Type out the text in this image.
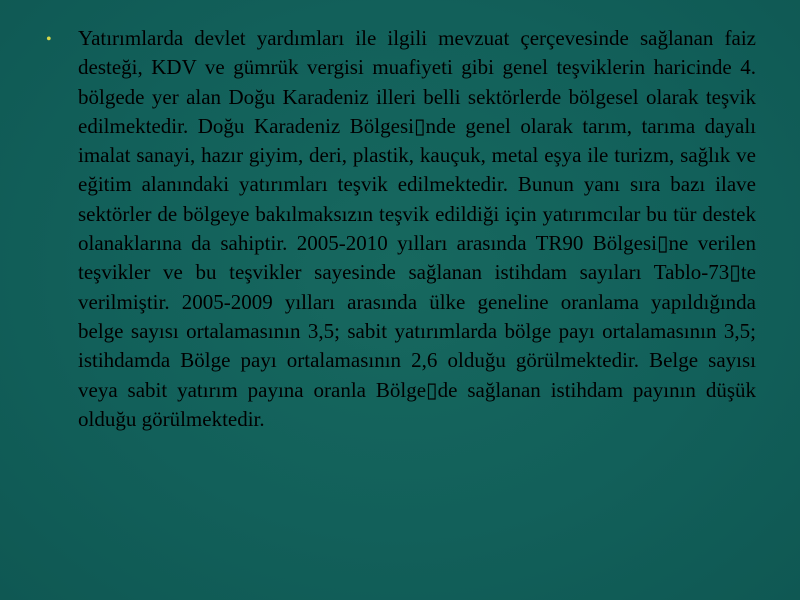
•	Yatırımlarda devlet yardımları ile ilgili mevzuat çerçevesinde sağlanan faiz desteği, KDV ve gümrük vergisi muafiyeti gibi genel teşviklerin haricinde 4. bölgede yer alan Doğu Karadeniz illeri belli sektörlerde bölgesel olarak teşvik edilmektedir. Doğu Karadeniz Bölgesi▯nde genel olarak tarım, tarıma dayalı imalat sanayi, hazır giyim, deri, plastik, kauçuk, metal eşya ile turizm, sağlık ve eğitim alanındaki yatırımları teşvik edilmektedir. Bunun yanı sıra bazı ilave sektörler de bölgeye bakılmaksızın teşvik edildiği için yatırımcılar bu tür destek olanaklarına da sahiptir. 2005-2010 yılları arasında TR90 Bölgesi▯ne verilen teşvikler ve bu teşvikler sayesinde sağlanan istihdam sayıları Tablo-73▯te verilmiştir. 2005-2009 yılları arasında ülke geneline oranlama yapıldığında belge sayısı ortalamasının 3,5; sabit yatırımlarda bölge payı ortalamasının 3,5; istihdamda Bölge payı ortalamasının 2,6 olduğu görülmektedir. Belge sayısı veya sabit yatırım payına oranla Bölge▯de sağlanan istihdam payının düşük olduğu görülmektedir.
